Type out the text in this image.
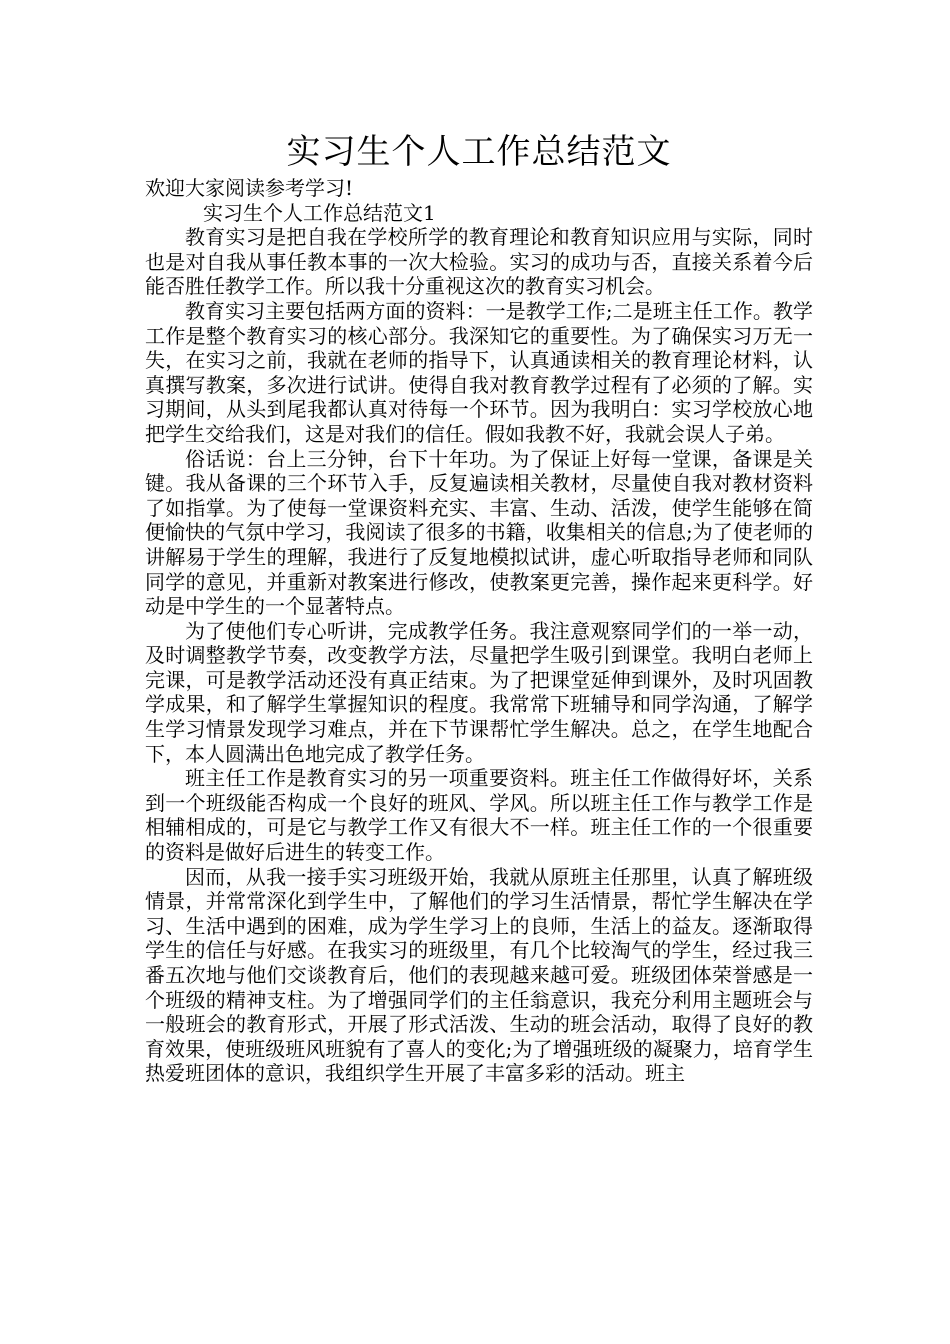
实习生个人工作总结范文

欢迎大家阅读参考学习!

实习生个人工作总结范文1

教育实习是把自我在学校所学的教育理论和教育知识应用与实际，同时也是对自我从事任教本事的一次大检验。实习的成功与否，直接关系着今后能否胜任教学工作。所以我十分重视这次的教育实习机会。

教育实习主要包括两方面的资料：一是教学工作;二是班主任工作。教学工作是整个教育实习的核心部分。我深知它的重要性。为了确保实习万无一失，在实习之前，我就在老师的指导下，认真通读相关的教育理论材料，认真撰写教案，多次进行试讲。使得自我对教育教学过程有了必须的了解。实习期间，从头到尾我都认真对待每一个环节。因为我明白：实习学校放心地把学生交给我们，这是对我们的信任。假如我教不好，我就会误人子弟。

俗话说：台上三分钟，台下十年功。为了保证上好每一堂课，备课是关键。我从备课的三个环节入手，反复遍读相关教材，尽量使自我对教材资料了如指掌。为了使每一堂课资料充实、丰富、生动、活泼，使学生能够在简便愉快的气氛中学习，我阅读了很多的书籍，收集相关的信息;为了使老师的讲解易于学生的理解，我进行了反复地模拟试讲，虚心听取指导老师和同队同学的意见，并重新对教案进行修改，使教案更完善，操作起来更科学。好动是中学生的一个显著特点。

为了使他们专心听讲，完成教学任务。我注意观察同学们的一举一动，及时调整教学节奏，改变教学方法，尽量把学生吸引到课堂。我明白老师上完课，可是教学活动还没有真正结束。为了把课堂延伸到课外，及时巩固教学成果，和了解学生掌握知识的程度。我常常下班辅导和同学沟通，了解学生学习情景发现学习难点，并在下节课帮忙学生解决。总之，在学生地配合下，本人圆满出色地完成了教学任务。

班主任工作是教育实习的另一项重要资料。班主任工作做得好坏，关系到一个班级能否构成一个良好的班风、学风。所以班主任工作与教学工作是相辅相成的，可是它与教学工作又有很大不一样。班主任工作的一个很重要的资料是做好后进生的转变工作。

因而，从我一接手实习班级开始，我就从原班主任那里，认真了解班级情景，并常常深化到学生中，了解他们的学习生活情景，帮忙学生解决在学习、生活中遇到的困难，成为学生学习上的良师，生活上的益友。逐渐取得学生的信任与好感。在我实习的班级里，有几个比较淘气的学生，经过我三番五次地与他们交谈教育后，他们的表现越来越可爱。班级团体荣誉感是一个班级的精神支柱。为了增强同学们的主任翁意识，我充分利用主题班会与一般班会的教育形式，开展了形式活泼、生动的班会活动，取得了良好的教育效果，使班级班风班貌有了喜人的变化;为了增强班级的凝聚力，培育学生热爱班团体的意识，我组织学生开展了丰富多彩的活动。班主
